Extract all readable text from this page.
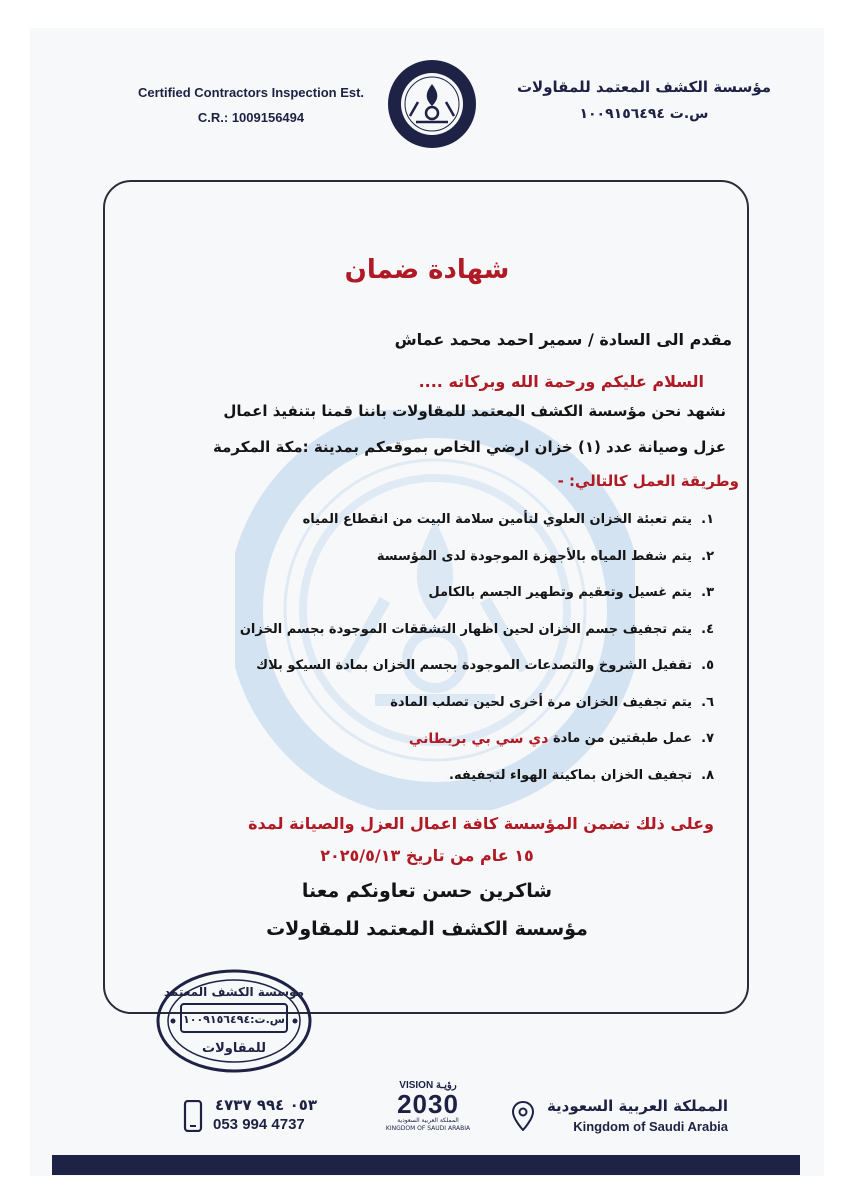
Certified Contractors Inspection Est.
C.R.: 1009156494
مؤسسة الكشف المعتمد للمقاولات
س.ت ١٠٠٩١٥٦٤٩٤
شهادة ضمان
مقدم الى السادة / سمير احمد محمد عماش
السلام عليكم ورحمة الله وبركاته ....
نشهد نحن مؤسسة الكشف المعتمد للمقاولات باننا قمنا بتنفيذ اعمال
عزل وصيانة عدد (١) خزان ارضي الخاص بموقعكم بمدينة :مكة المكرمة
وطريقة العمل كالتالي: -
١.
يتم تعبئة الخزان العلوي لتأمين سلامة البيت من انقطاع المياه
٢.
يتم شفط المياه بالأجهزة الموجودة لدى المؤسسة
٣.
يتم غسيل وتعقيم وتطهير الجسم بالكامل
٤.
يتم تجفيف جسم الخزان لحين اظهار التشققات الموجودة بجسم الخزان
٥.
تقفيل الشروخ والتصدعات الموجودة بجسم الخزان بمادة السيكو بلاك
٦.
يتم تجفيف الخزان مرة أخرى لحين تصلب المادة
٧.
عمل طبقتين من مادة

دي سي بي بريطاني
٨.
تجفيف الخزان بماكينة الهواء لتجفيفه.
وعلى ذلك تضمن المؤسسة كافة اعمال العزل والصيانة لمدة
١٥ عام من تاريخ ٢٠٢٥/٥/١٣
شاكرين حسن تعاونكم معنا
مؤسسة الكشف المعتمد للمقاولات
مؤسسة الكشف المعتمد
س.ت:١٠٠٩١٥٦٤٩٤
للمقاولات
٠٥٣ ٩٩٤ ٤٧٣٧
053 994 4737
VISION رؤيـة
2030
المملكة العربية السعودية
KINGDOM OF SAUDI ARABIA
المملكة العربية السعودية
Kingdom of Saudi Arabia
